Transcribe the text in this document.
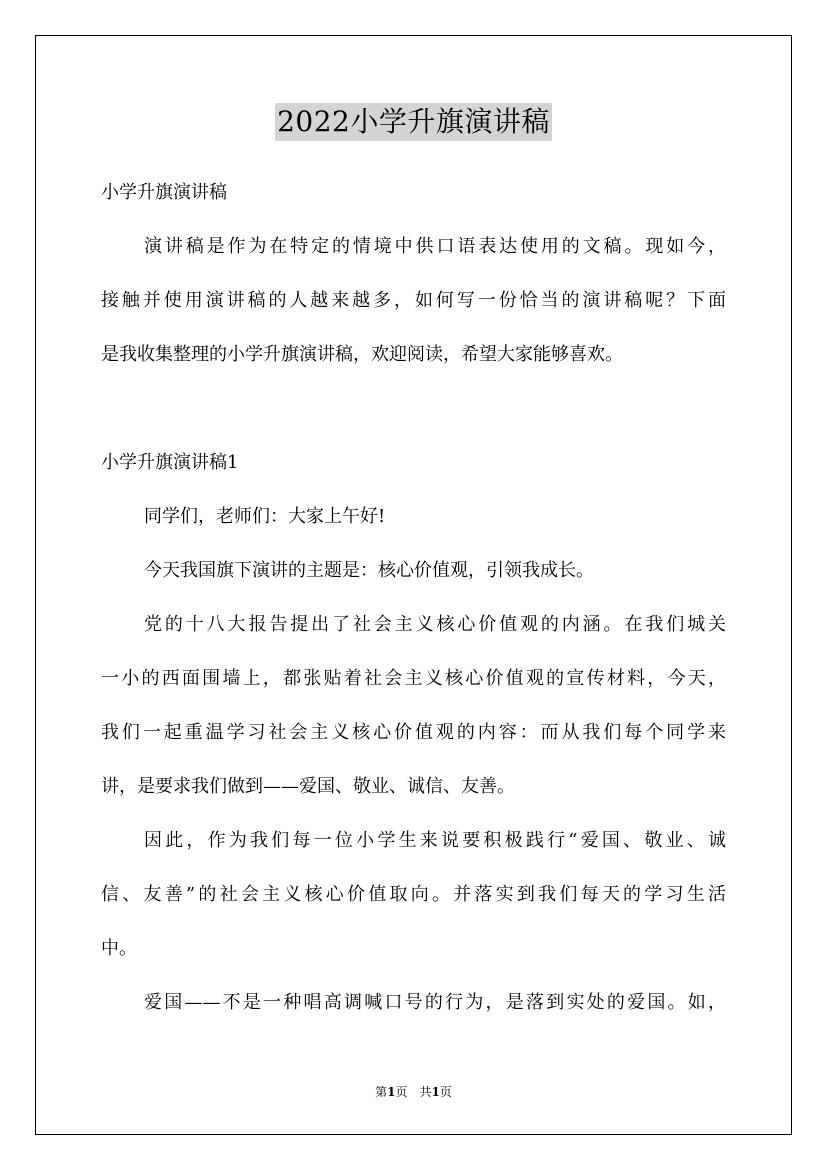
2022小学升旗演讲稿
小学升旗演讲稿
演讲稿是作为在特定的情境中供口语表达使用的文稿。现如今，
接触并使用演讲稿的人越来越多，如何写一份恰当的演讲稿呢？下面
是我收集整理的小学升旗演讲稿，欢迎阅读，希望大家能够喜欢。
小学升旗演讲稿1
同学们，老师们：大家上午好!
今天我国旗下演讲的主题是：核心价值观，引领我成长。
党的十八大报告提出了社会主义核心价值观的内涵。在我们城关
一小的西面围墙上，都张贴着社会主义核心价值观的宣传材料，今天，
我们一起重温学习社会主义核心价值观的内容：而从我们每个同学来
讲，是要求我们做到——爱国、敬业、诚信、友善。
因此，作为我们每一位小学生来说要积极践行“爱国、敬业、诚
信、友善”的社会主义核心价值取向。并落实到我们每天的学习生活
中。
爱国——不是一种唱高调喊口号的行为，是落到实处的爱国。如，
第1页　共1页
